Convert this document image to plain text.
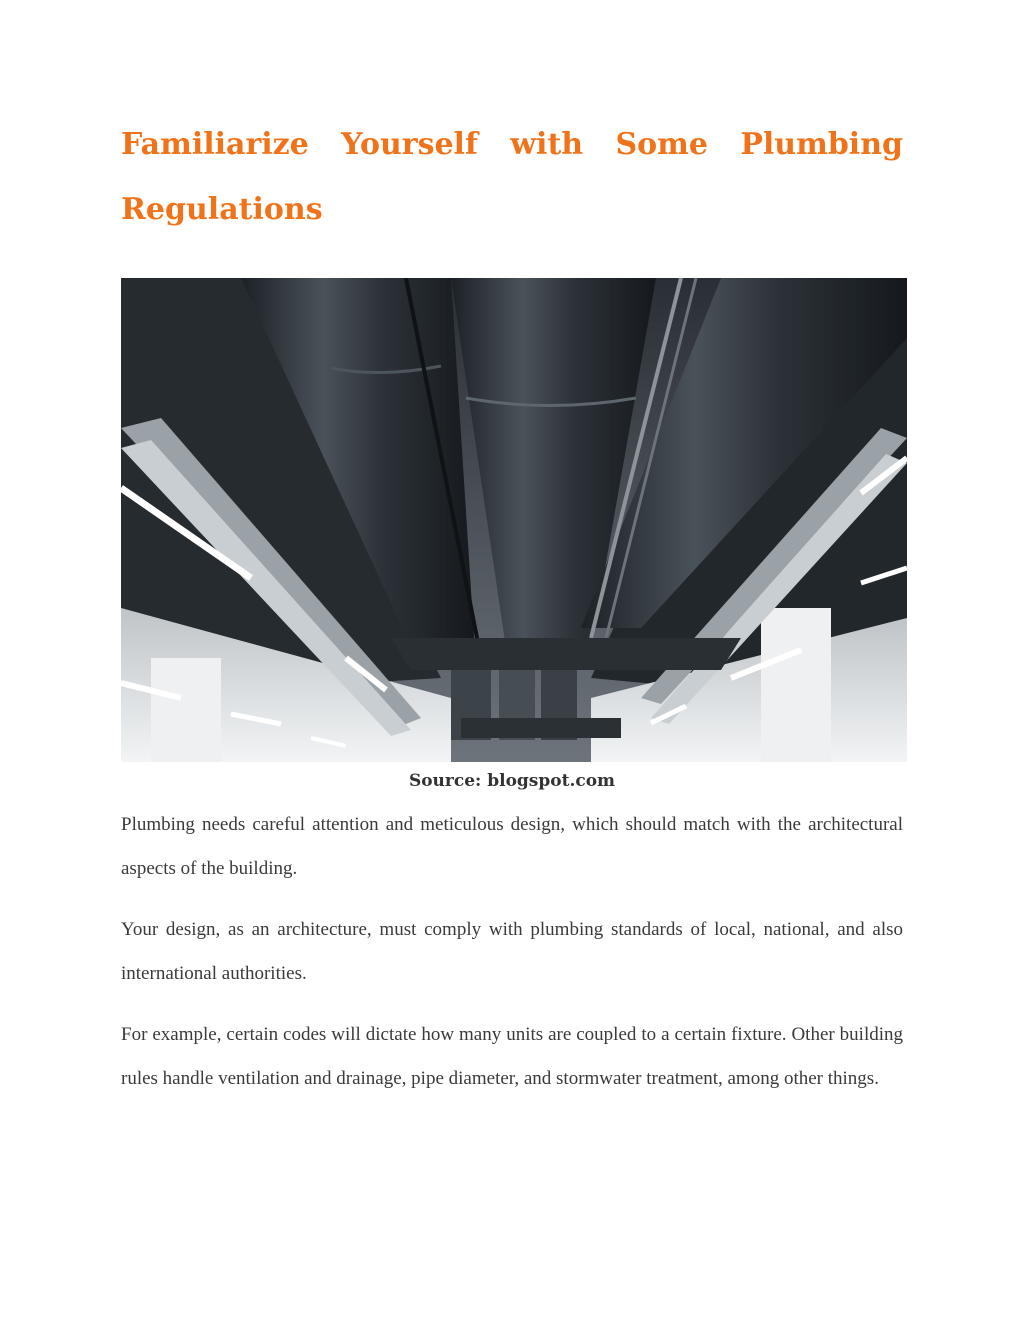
Familiarize Yourself with Some Plumbing Regulations
Source: blogspot.com

Plumbing needs careful attention and meticulous design, which should match with the architectural aspects of the building.

Your design, as an architecture, must comply with plumbing standards of local, national, and also international authorities.

For example, certain codes will dictate how many units are coupled to a certain fixture. Other building rules handle ventilation and drainage, pipe diameter, and stormwater treatment, among other things.
